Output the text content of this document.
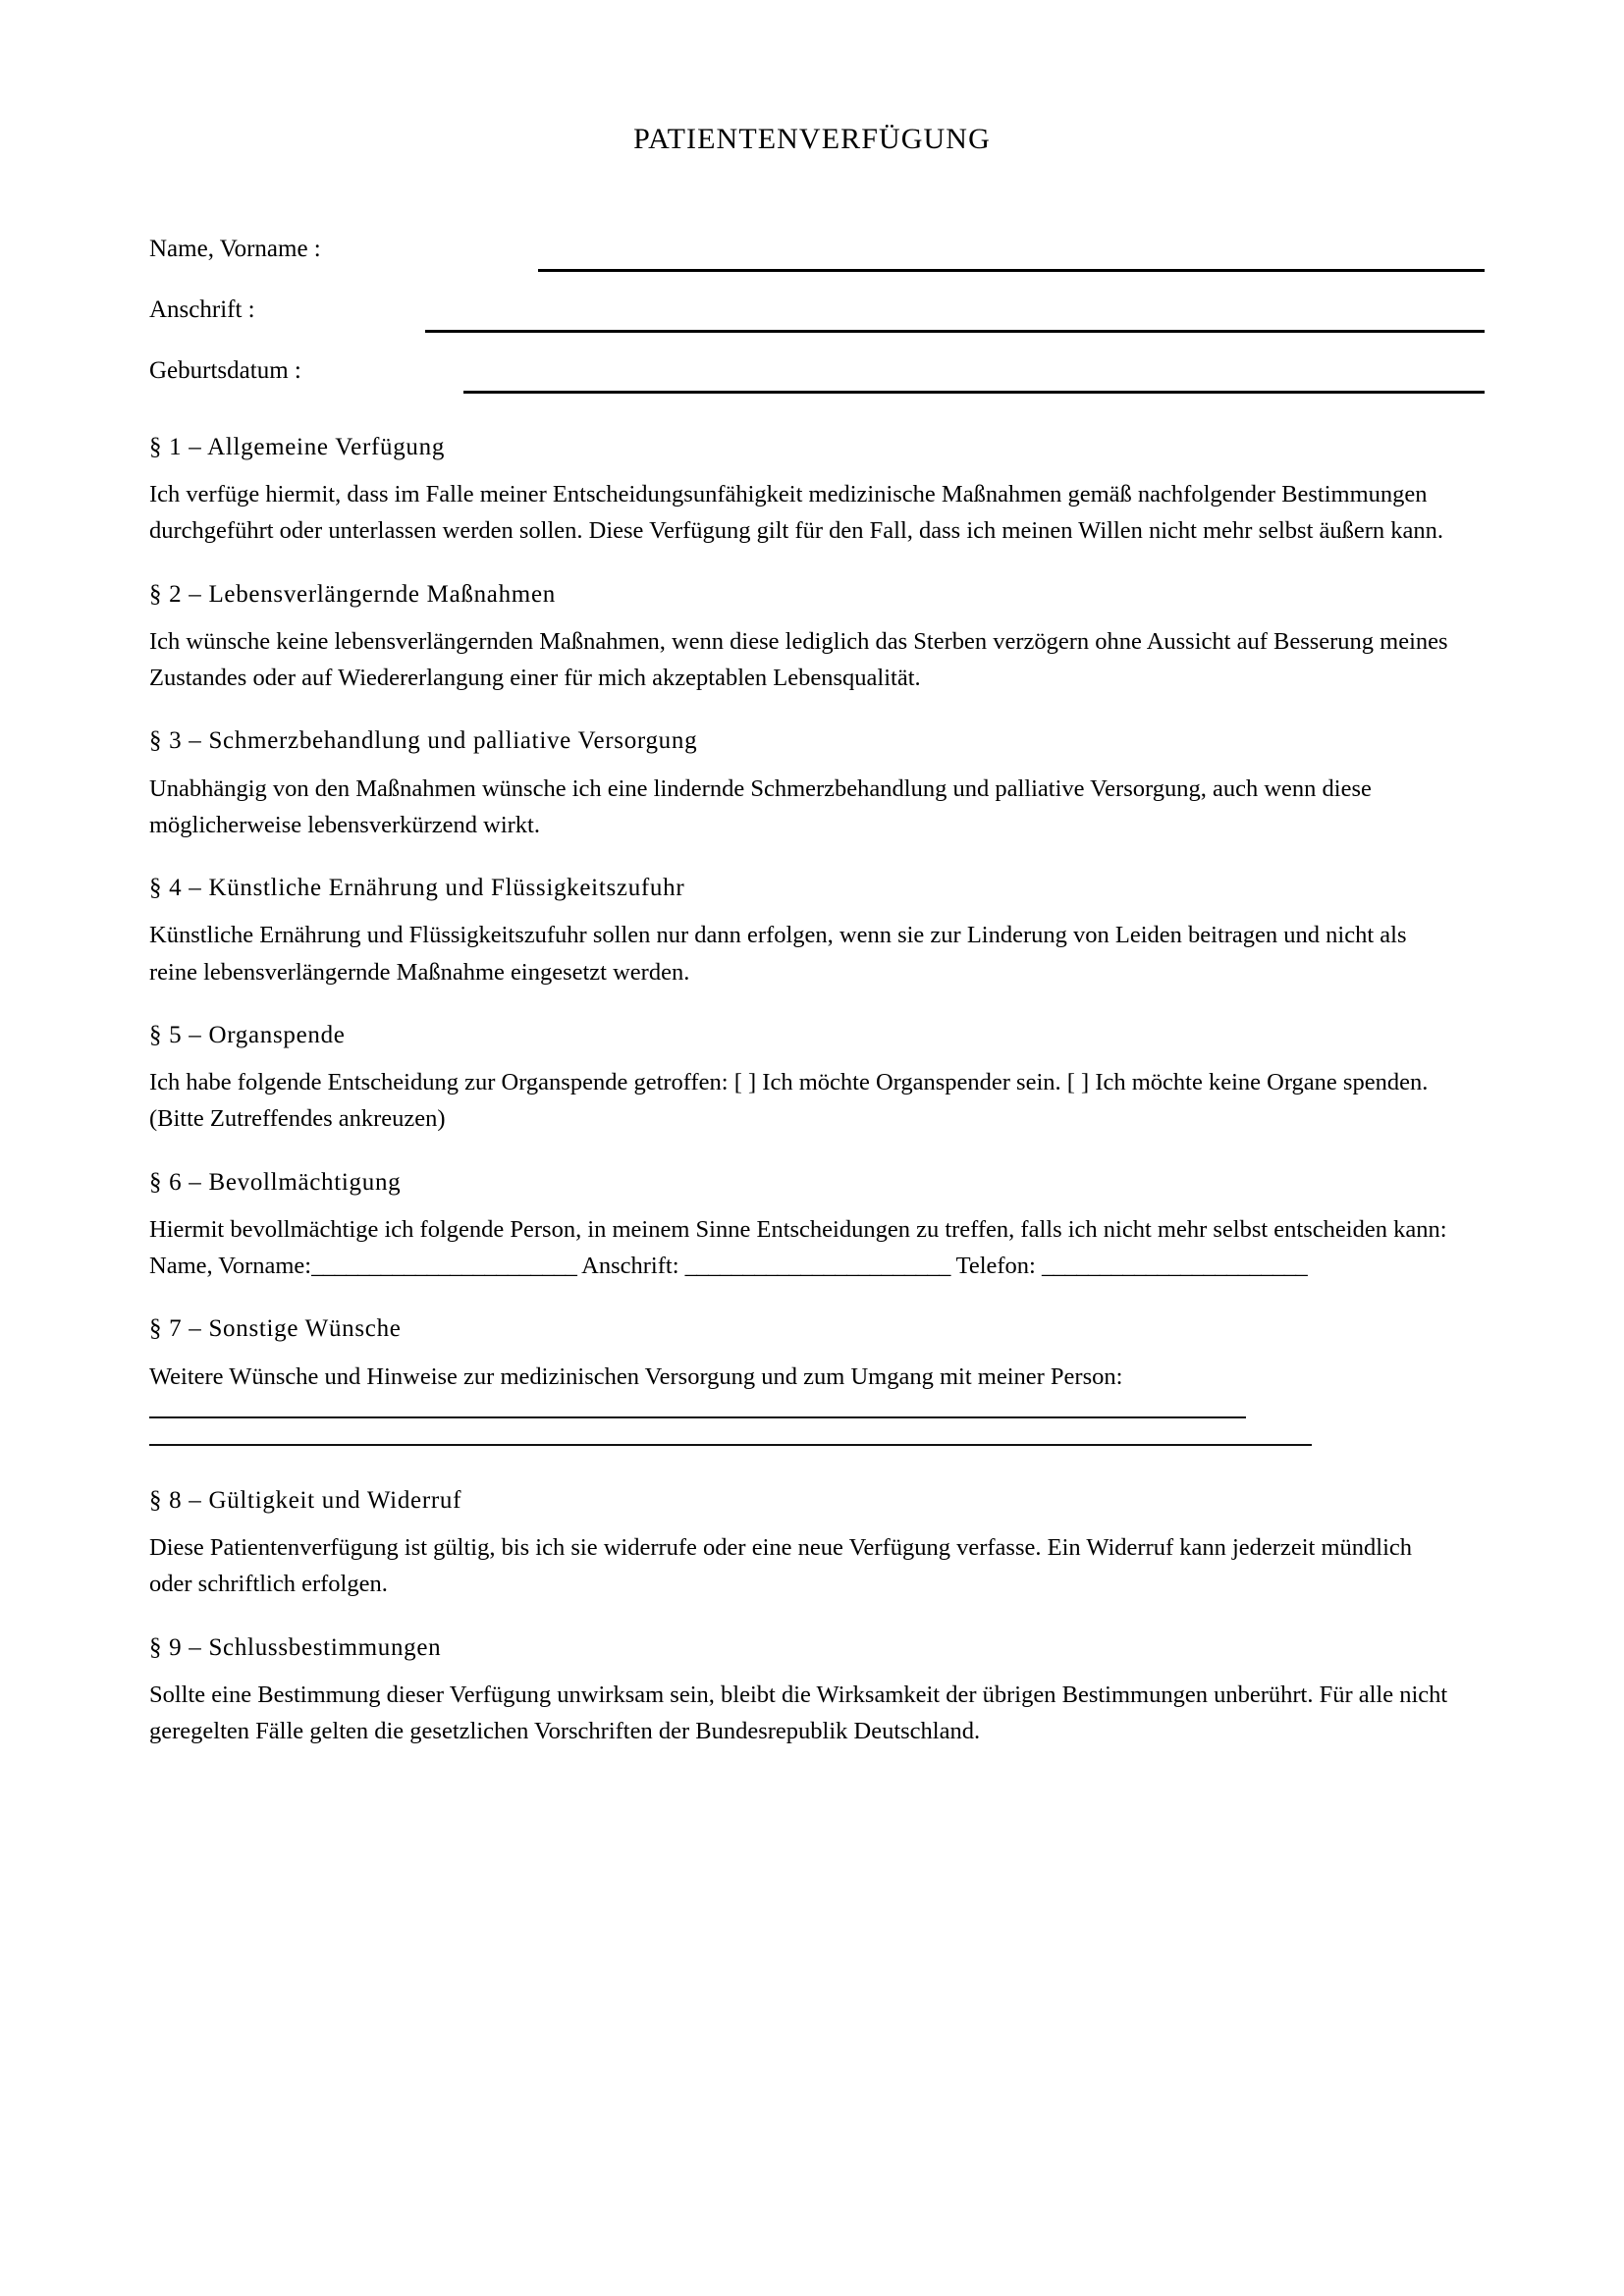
PATIENTENVERFÜGUNG
Name, Vorname :
Anschrift :
Geburtsdatum :

§ 1 – Allgemeine Verfügung

Ich verfüge hiermit, dass im Falle meiner Entscheidungsunfähigkeit medizinische Maßnahmen gemäß nachfolgender Bestimmungen durchgeführt oder unterlassen werden sollen. Diese Verfügung gilt für den Fall, dass ich meinen Willen nicht mehr selbst äußern kann.

§ 2 – Lebensverlängernde Maßnahmen

Ich wünsche keine lebensverlängernden Maßnahmen, wenn diese lediglich das Sterben verzögern ohne Aussicht auf Besserung meines Zustandes oder auf Wiedererlangung einer für mich akzeptablen Lebensqualität.

§ 3 – Schmerzbehandlung und palliative Versorgung

Unabhängig von den Maßnahmen wünsche ich eine lindernde Schmerzbehandlung und palliative Versorgung, auch wenn diese möglicherweise lebensverkürzend wirkt.

§ 4 – Künstliche Ernährung und Flüssigkeitszufuhr

Künstliche Ernährung und Flüssigkeitszufuhr sollen nur dann erfolgen, wenn sie zur Linderung von Leiden beitragen und nicht als reine lebensverlängernde Maßnahme eingesetzt werden.

§ 5 – Organspende

Ich habe folgende Entscheidung zur Organspende getroffen: [ ] Ich möchte Organspender sein. [ ] Ich möchte keine Organe spenden. (Bitte Zutreffendes ankreuzen)

§ 6 – Bevollmächtigung

Hiermit bevollmächtige ich folgende Person, in meinem Sinne Entscheidungen zu treffen, falls ich nicht mehr selbst entscheiden kann: Name, Vorname:_______________________ Anschrift: _______________________ Telefon: _______________________

§ 7 – Sonstige Wünsche

Weitere Wünsche und Hinweise zur medizinischen Versorgung und zum Umgang mit meiner Person:

§ 8 – Gültigkeit und Widerruf

Diese Patientenverfügung ist gültig, bis ich sie widerrufe oder eine neue Verfügung verfasse. Ein Widerruf kann jederzeit mündlich oder schriftlich erfolgen.

§ 9 – Schlussbestimmungen

Sollte eine Bestimmung dieser Verfügung unwirksam sein, bleibt die Wirksamkeit der übrigen Bestimmungen unberührt. Für alle nicht geregelten Fälle gelten die gesetzlichen Vorschriften der Bundesrepublik Deutschland.
